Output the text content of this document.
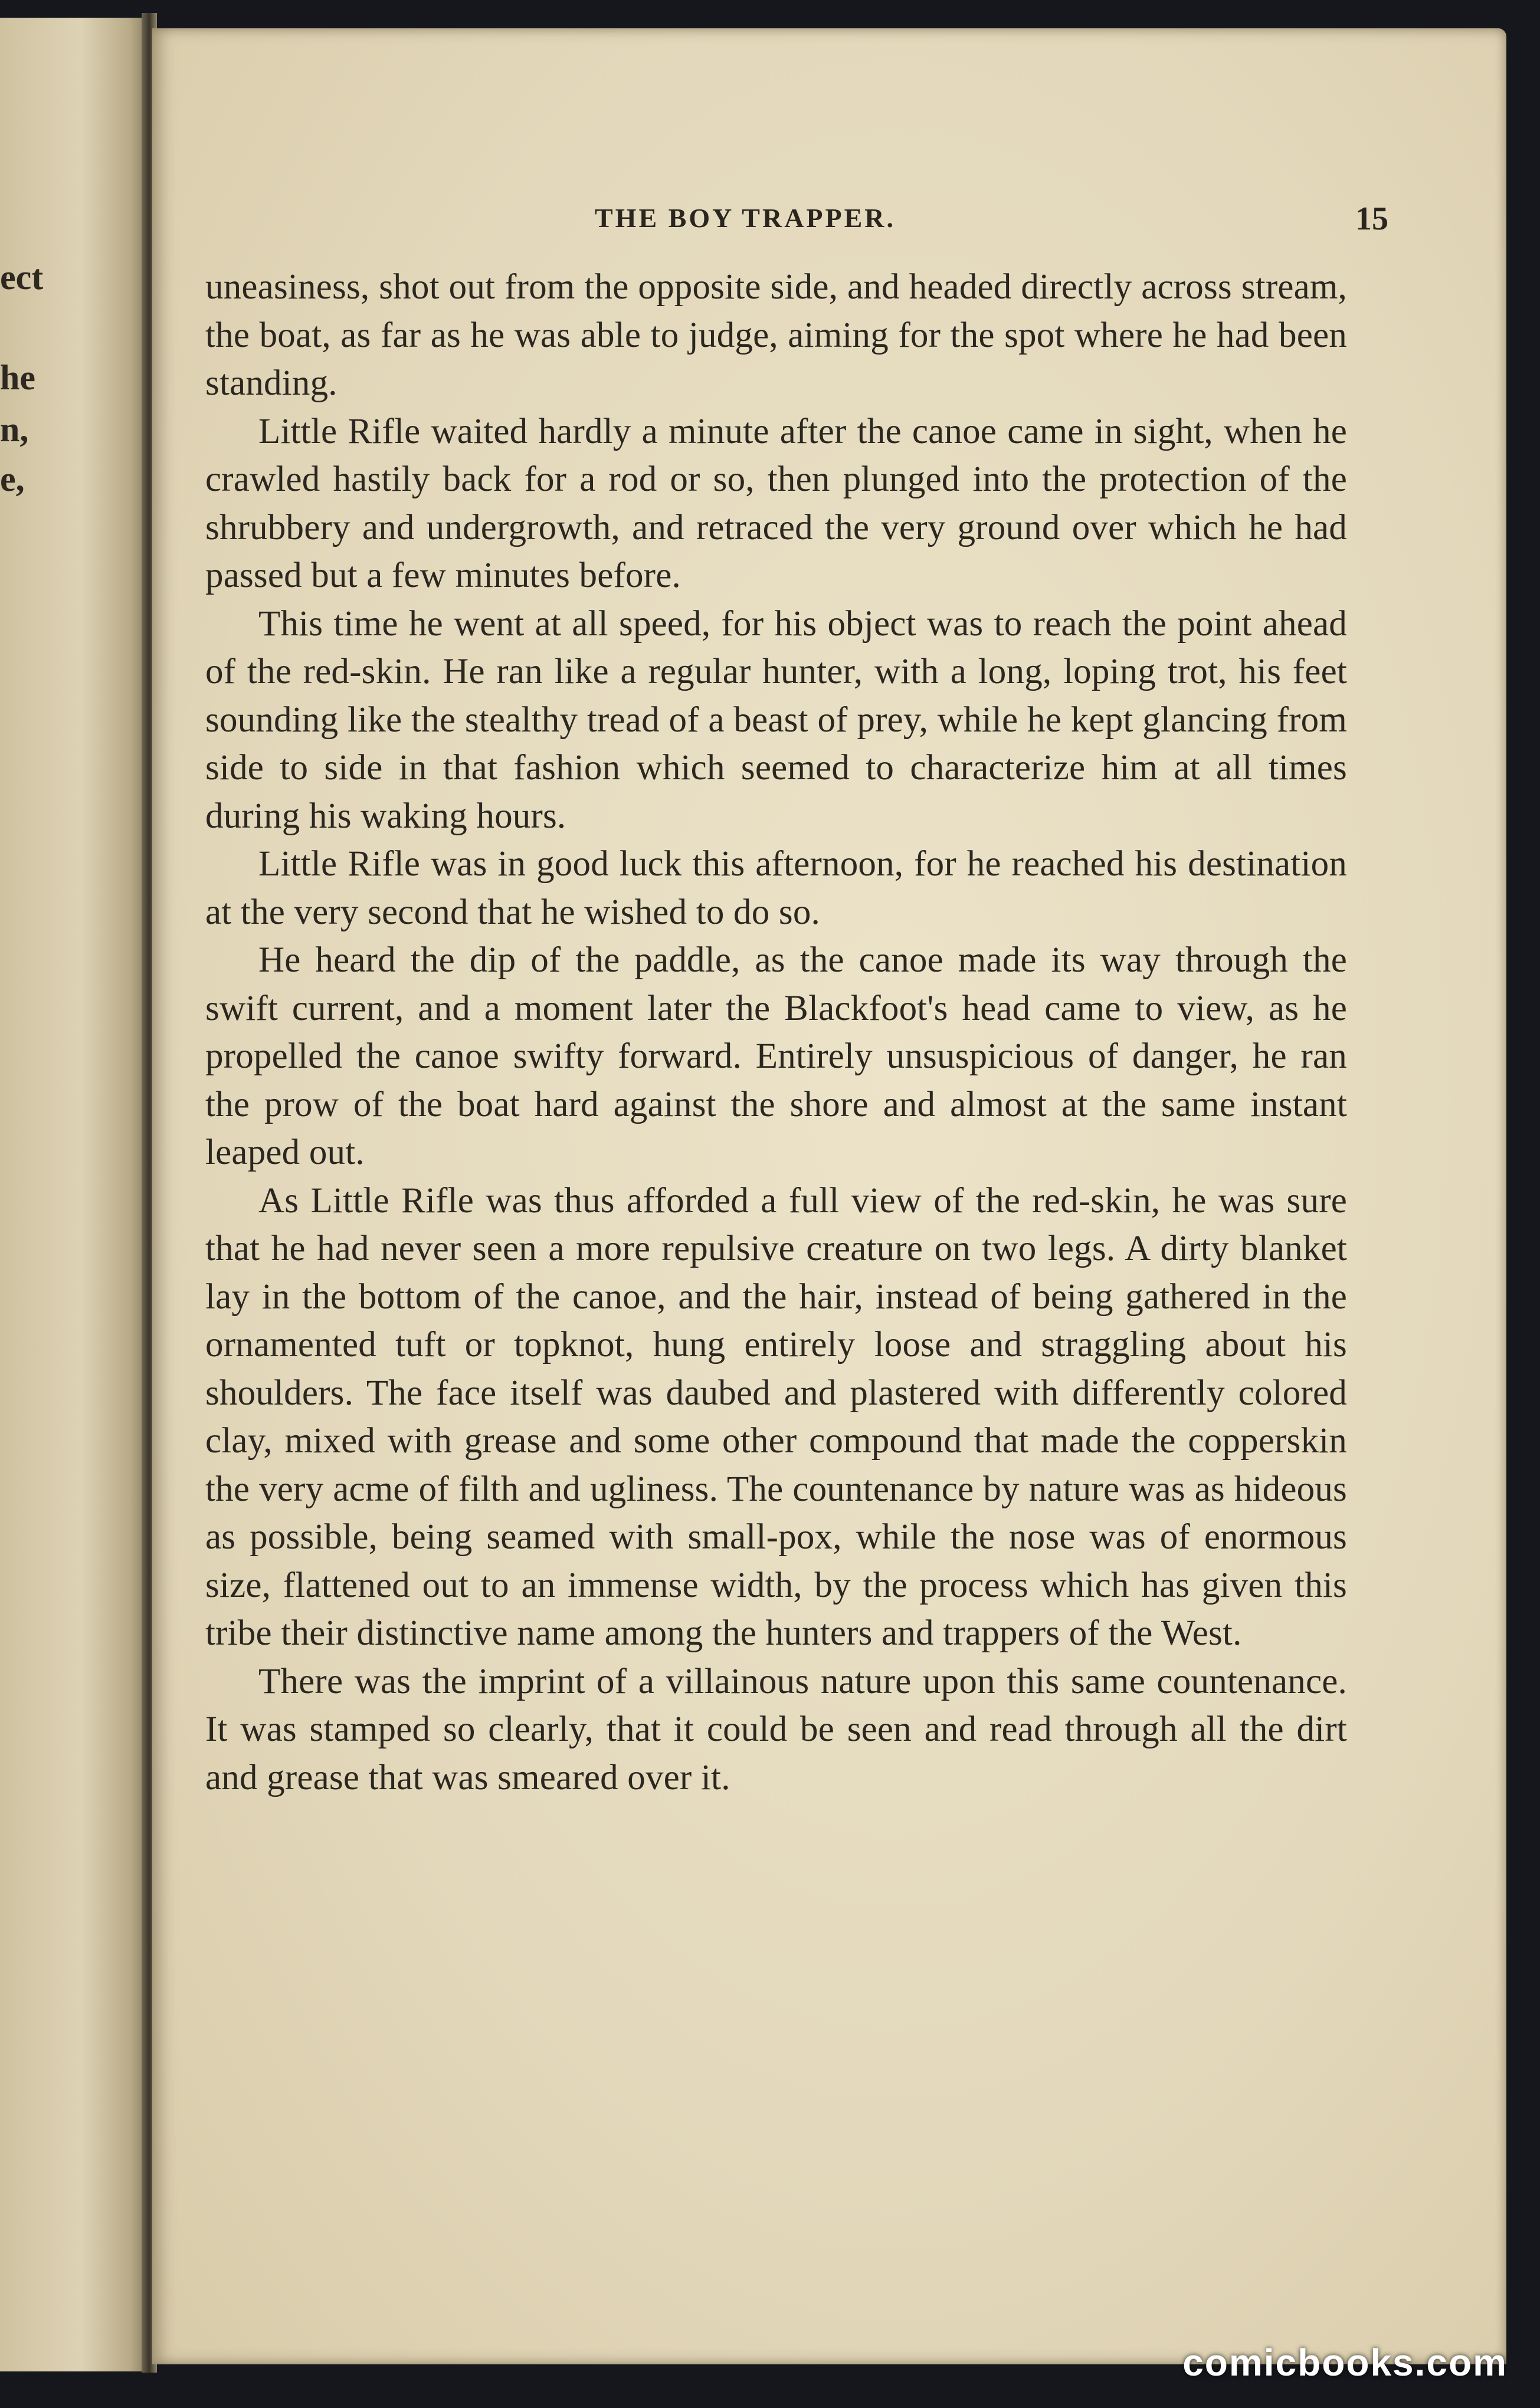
ect
he
n,
e,
THE BOY TRAPPER.	15

uneasiness, shot out from the opposite side, and headed directly across stream, the boat, as far as he was able to judge, aiming for the spot where he had been standing.

Little Rifle waited hardly a minute after the canoe came in sight, when he crawled hastily back for a rod or so, then plunged into the protection of the shrubbery and undergrowth, and retraced the very ground over which he had passed but a few minutes before.

This time he went at all speed, for his object was to reach the point ahead of the red-skin. He ran like a regular hunter, with a long, loping trot, his feet sounding like the stealthy tread of a beast of prey, while he kept glancing from side to side in that fashion which seemed to characterize him at all times during his waking hours.

Little Rifle was in good luck this afternoon, for he reached his destination at the very second that he wished to do so.

He heard the dip of the paddle, as the canoe made its way through the swift current, and a moment later the Blackfoot's head came to view, as he propelled the canoe swifty forward. Entirely unsuspicious of danger, he ran the prow of the boat hard against the shore and almost at the same instant leaped out.

As Little Rifle was thus afforded a full view of the red-skin, he was sure that he had never seen a more repulsive creature on two legs. A dirty blanket lay in the bottom of the canoe, and the hair, instead of being gathered in the ornamented tuft or topknot, hung entirely loose and straggling about his shoulders. The face itself was daubed and plastered with differently colored clay, mixed with grease and some other compound that made the copperskin the very acme of filth and ugliness. The countenance by nature was as hideous as possible, being seamed with small-pox, while the nose was of enormous size, flattened out to an immense width, by the process which has given this tribe their distinctive name among the hunters and trappers of the West.

There was the imprint of a villainous nature upon this same countenance. It was stamped so clearly, that it could be seen and read through all the dirt and grease that was smeared over it.

comicbooks.com
